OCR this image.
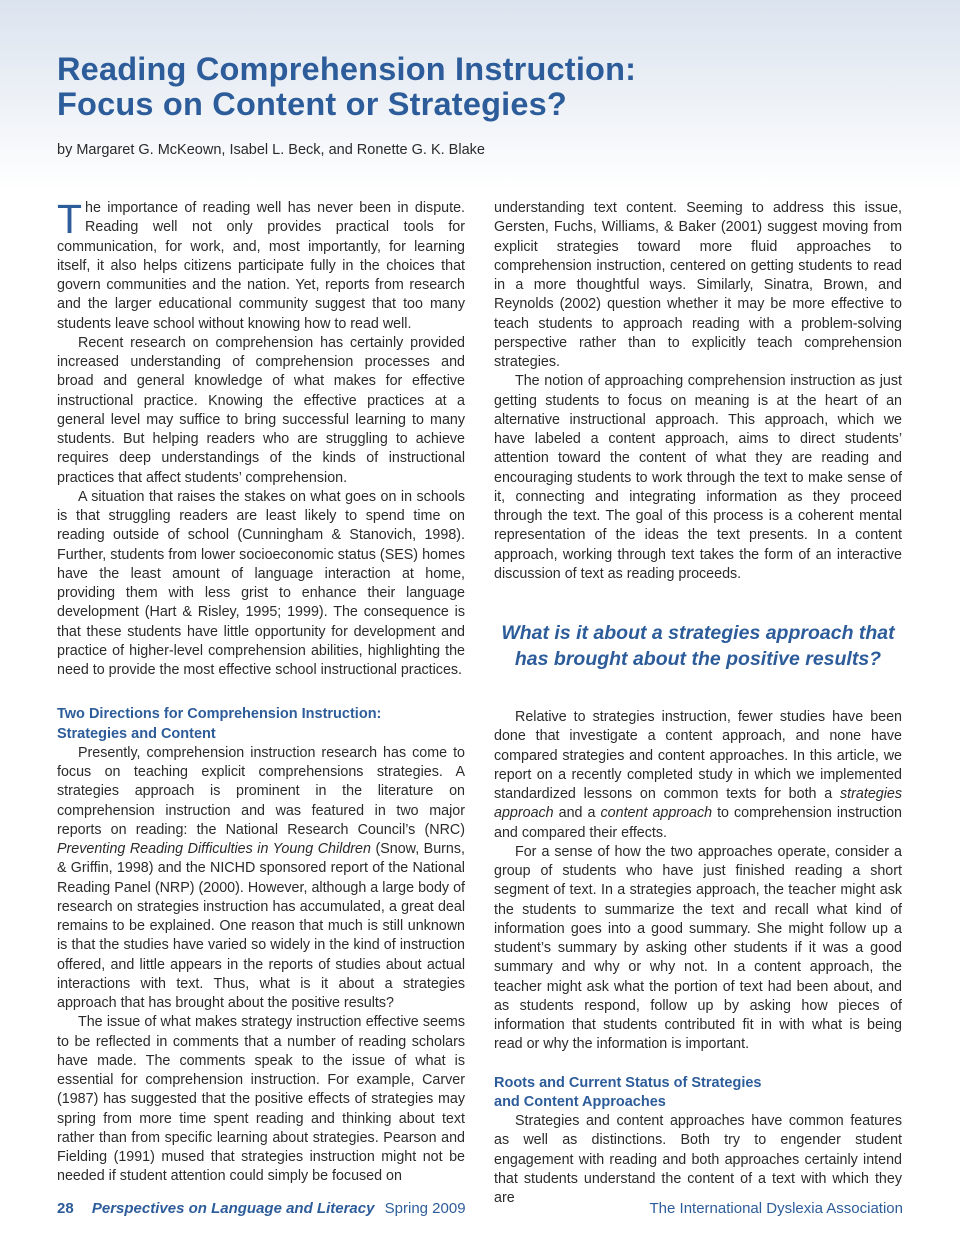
Reading Comprehension Instruction:
Focus on Content or Strategies?
by Margaret G. McKeown, Isabel L. Beck, and Ronette G. K. Blake

The importance of reading well has never been in dispute. Reading well not only provides practical tools for communication, for work, and, most importantly, for learning itself, it also helps citizens participate fully in the choices that govern communities and the nation. Yet, reports from research and the larger educational community suggest that too many students leave school without knowing how to read well.

Recent research on comprehension has certainly provided increased understanding of comprehension processes and broad and general knowledge of what makes for effective instructional practice. Knowing the effective practices at a general level may suffice to bring successful learning to many students. But helping readers who are struggling to achieve requires deep understandings of the kinds of instructional practices that affect students’ comprehension.

A situation that raises the stakes on what goes on in schools is that struggling readers are least likely to spend time on reading outside of school (Cunningham & Stanovich, 1998). Further, students from lower socioeconomic status (SES) homes have the least amount of language interaction at home, providing them with less grist to enhance their language development (Hart & Risley, 1995; 1999). The consequence is that these students have little opportunity for development and practice of higher-level comprehension abilities, highlighting the need to provide the most effective school instructional practices.

Two Directions for Comprehension Instruction:
Strategies and Content

Presently, comprehension instruction research has come to focus on teaching explicit comprehensions strategies. A strategies approach is prominent in the literature on comprehension instruction and was featured in two major reports on reading: the National Research Council’s (NRC) Preventing Reading Difficulties in Young Children (Snow, Burns, & Griffin, 1998) and the NICHD sponsored report of the National Reading Panel (NRP) (2000). However, although a large body of research on strategies instruction has accumulated, a great deal remains to be explained. One reason that much is still unknown is that the studies have varied so widely in the kind of instruction offered, and little appears in the reports of studies about actual interactions with text. Thus, what is it about a strategies approach that has brought about the positive results?

The issue of what makes strategy instruction effective seems to be reflected in comments that a number of reading scholars have made. The comments speak to the issue of what is essential for comprehension instruction. For example, Carver (1987) has suggested that the positive effects of strategies may spring from more time spent reading and thinking about text rather than from specific learning about strategies. Pearson and Fielding (1991) mused that strategies instruction might not be needed if student attention could simply be focused on

understanding text content. Seeming to address this issue, Gersten, Fuchs, Williams, & Baker (2001) suggest moving from explicit strategies toward more fluid approaches to comprehension instruction, centered on getting students to read in a more thoughtful ways. Similarly, Sinatra, Brown, and Reynolds (2002) question whether it may be more effective to teach students to approach reading with a problem-solving perspective rather than to explicitly teach comprehension strategies.

The notion of approaching comprehension instruction as just getting students to focus on meaning is at the heart of an alternative instructional approach. This approach, which we have labeled a content approach, aims to direct students’ attention toward the content of what they are reading and encouraging students to work through the text to make sense of it, connecting and integrating information as they proceed through the text. The goal of this process is a coherent mental representation of the ideas the text presents. In a content approach, working through text takes the form of an interactive discussion of text as reading proceeds.

What is it about a strategies approach that
has brought about the positive results?

Relative to strategies instruction, fewer studies have been done that investigate a content approach, and none have compared strategies and content approaches. In this article, we report on a recently completed study in which we implemented standardized lessons on common texts for both a strategies approach and a content approach to comprehension instruction and compared their effects.

For a sense of how the two approaches operate, consider a group of students who have just finished reading a short segment of text. In a strategies approach, the teacher might ask the students to summarize the text and recall what kind of information goes into a good summary. She might follow up a student’s summary by asking other students if it was a good summary and why or why not. In a content approach, the teacher might ask what the portion of text had been about, and as students respond, follow up by asking how pieces of information that students contributed fit in with what is being read or why the information is important.

Roots and Current Status of Strategies
and Content Approaches

Strategies and content approaches have common features as well as distinctions. Both try to engender student engagement with reading and both approaches certainly intend that students understand the content of a text with which they are

28 Perspectives on Language and Literacy Spring 2009	The International Dyslexia Association
